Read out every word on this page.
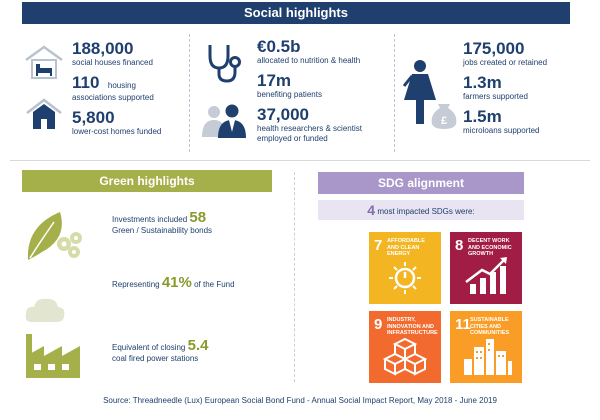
Social highlights
188,000
social houses financed
110 housing
associations supported
5,800
lower-cost homes funded
€0.5b
allocated to nutrition & health
17m
benefiting patients
37,000
health researchers & scientist
employed or funded
£
175,000
jobs created or retained
1.3m
farmers supported
1.5m
microloans supported
Green highlights
Investments included 58
Green / Sustainability bonds
Representing 41% of the Fund
Equivalent of closing 5.4
coal fired power stations
SDG alignment
4 most impacted SDGs were:
7 AFFORDABLE AND CLEAN ENERGY	8 DECENT WORK AND ECONOMIC GROWTH
9 INDUSTRY, INNOVATION AND INFRASTRUCTURE 11 SUSTAINABLE CITIES AND COMMUNITIES
Source: Threadneedle (Lux) European Social Bond Fund - Annual Social Impact Report, May 2018 - June 2019
